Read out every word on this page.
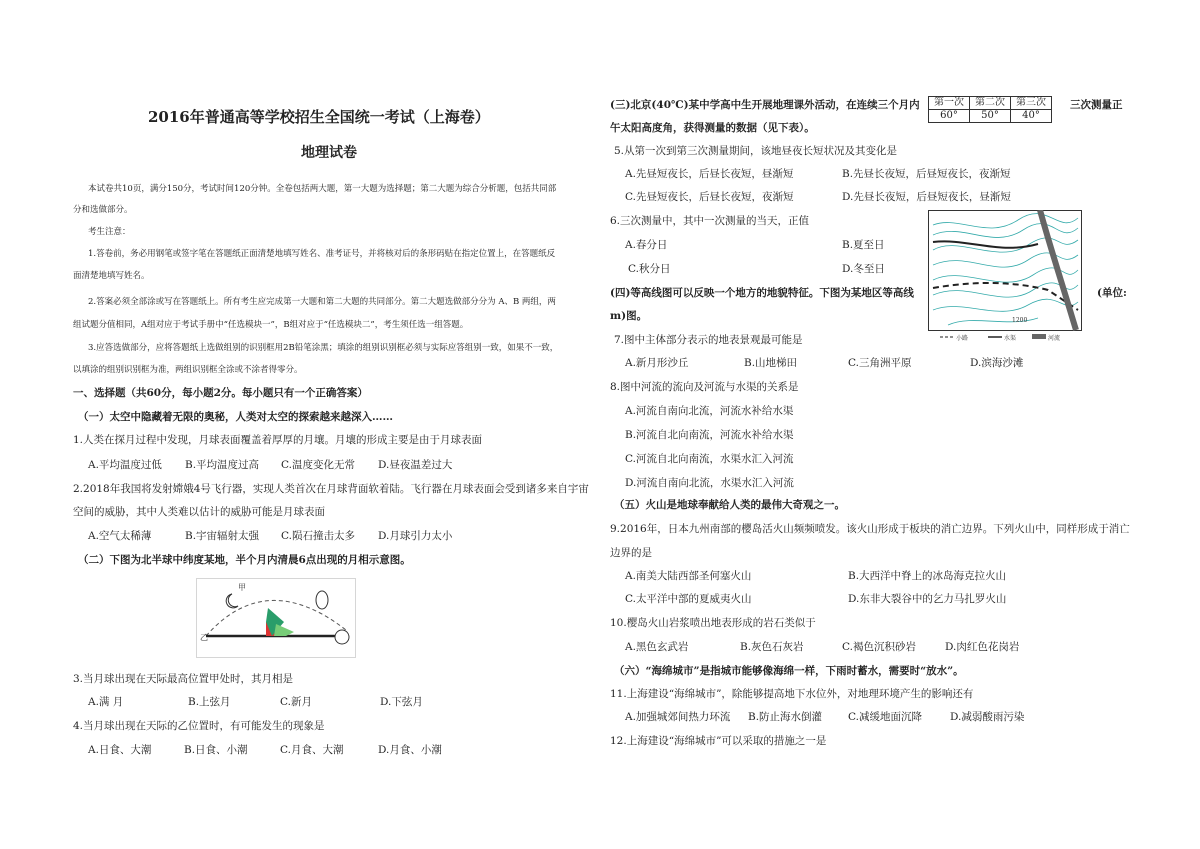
2016年普通高等学校招生全国统一考试（上海卷）
地理试卷
本试卷共10页，满分150分，考试时间120分钟。全卷包括两大题，第一大题为选择题；第二大题为综合分析题，包括共同部
分和选做部分。
考生注意：
1.答卷前，务必用钢笔或签字笔在答题纸正面清楚地填写姓名、准考证号，并将核对后的条形码贴在指定位置上，在答题纸反
面清楚地填写姓名。
2.答案必须全部涂或写在答题纸上。所有考生应完成第一大题和第二大题的共同部分。第二大题选做部分分为 A、B 两组，两
组试题分值相同，A组对应于考试手册中“任选模块一”，B组对应于“任选模块二”，考生须任选一组答题。
3.应答选做部分，应将答题纸上选做组别的识别框用2B铅笔涂黑；填涂的组别识别框必须与实际应答组别一致，如果不一致，
以填涂的组别识别框为准，两组识别框全涂或不涂者得零分。
一、选择题（共60分，每小题2分。每小题只有一个正确答案）
（一）太空中隐藏着无限的奥秘，人类对太空的探索越来越深入……
1.人类在探月过程中发现，月球表面覆盖着厚厚的月壤。月壤的形成主要是由于月球表面
A.平均温度过低 B.平均温度过高 C.温度变化无常 D.昼夜温差过大
2.2018年我国将发射嫦娥4号飞行器，实现人类首次在月球背面软着陆。飞行器在月球表面会受到诸多来自宇宙
空间的威胁，其中人类难以估计的威胁可能是月球表面
A.空气太稀薄	B.宇宙辐射太强 C.陨石撞击太多 D.月球引力太小
（二）下图为北半球中纬度某地，半个月内清晨6点出现的月相示意图。
甲
乙
3.当月球出现在天际最高位置甲处时，其月相是
A.满 月	B.上弦月	C.新月	D.下弦月
4.当月球出现在天际的乙位置时，有可能发生的现象是
A.日食、大潮	B.日食、小潮	C.月食、大潮	D.月食、小潮
(三)北京(40℃)某中学高中生开展地理课外活动，在连续三个月内
午太阳高度角，获得测量的数据（见下表）。
三次测量正
第一次	第二次	第三次
60°	50°	40°
5.从第一次到第三次测量期间，该地昼夜长短状况及其变化是
A.先昼短夜长，后昼长夜短，昼渐短	B.先昼长夜短，后昼短夜长，夜渐短
C.先昼短夜长，后昼长夜短，夜渐短	D.先昼长夜短，后昼短夜长，昼渐短
6.三次测量中，其中一次测量的当天，正值
A.春分日	B.夏至日
C.秋分日	D.冬至日
(四)等高线图可以反映一个地方的地貌特征。下图为某地区等高线
m)图。
(单位:
1200
小路	水渠	河流
7.图中主体部分表示的地表景观最可能是
A.新月形沙丘	B.山地梯田	C.三角洲平原	D.滨海沙滩
8.图中河流的流向及河流与水渠的关系是
A.河流自南向北流，河流水补给水渠
B.河流自北向南流，河流水补给水渠
C.河流自北向南流，水渠水汇入河流
D.河流自南向北流，水渠水汇入河流
（五）火山是地球奉献给人类的最伟大奇观之一。
9.2016年，日本九州南部的樱岛活火山频频喷发。该火山形成于板块的消亡边界。下列火山中，同样形成于消亡
边界的是
A.南美大陆西部圣何塞火山	B.大西洋中脊上的冰岛海克拉火山
C.太平洋中部的夏威夷火山	D.东非大裂谷中的乞力马扎罗火山
10.樱岛火山岩浆喷出地表形成的岩石类似于
A.黑色玄武岩	B.灰色石灰岩	C.褐色沉积砂岩	D.肉红色花岗岩
（六）“海绵城市”是指城市能够像海绵一样，下雨时蓄水，需要时“放水”。
11.上海建设“海绵城市”，除能够提高地下水位外，对地理环境产生的影响还有
A.加强城郊间热力环流 B.防止海水倒灌 C.减缓地面沉降	D.减弱酸雨污染
12.上海建设“海绵城市”可以采取的措施之一是
